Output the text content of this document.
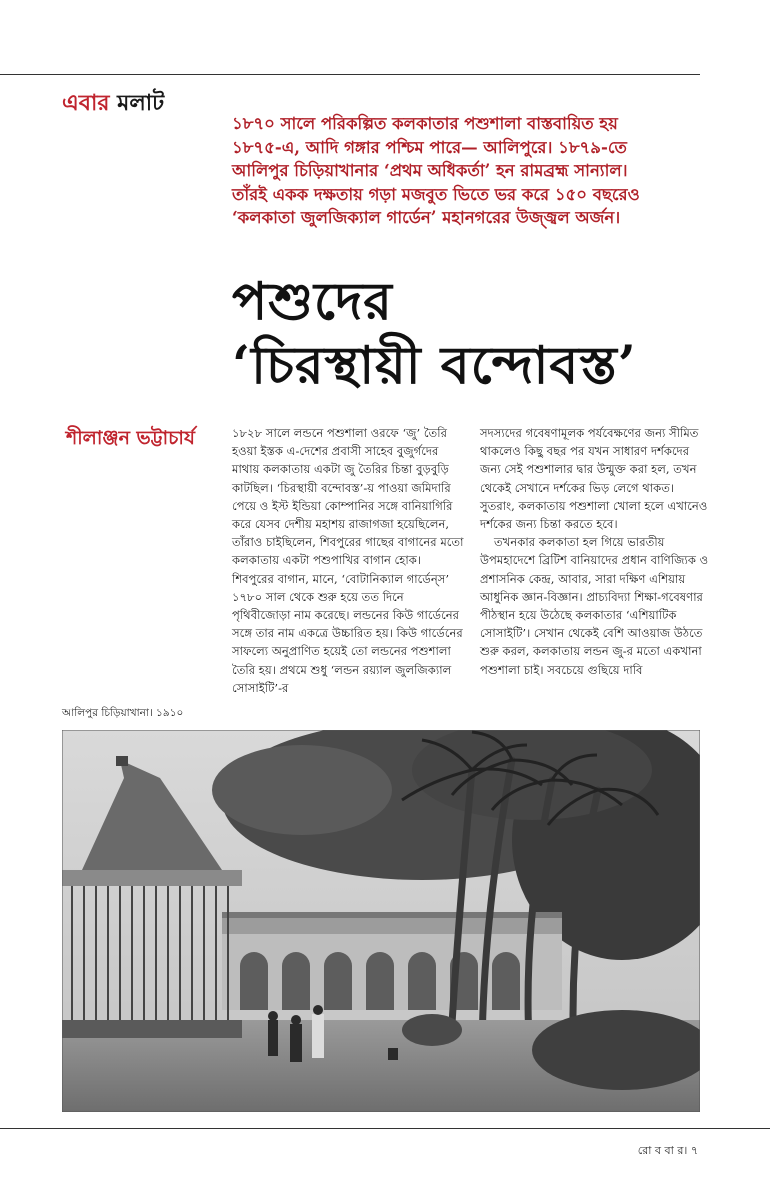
এবার মলাট

১৮৭০ সালে পরিকল্পিত কলকাতার পশুশালা বাস্তবায়িত হয়

১৮৭৫-এ, আদি গঙ্গার পশ্চিম পারে— আলিপুরে। ১৮৭৯-তে

আলিপুর চিড়িয়াখানার ‘প্রথম অধিকর্তা’ হন রামব্রহ্ম সান্যাল।

তাঁরই একক দক্ষতায় গড়া মজবুত ভিতে ভর করে ১৫০ বছরেও

‘কলকাতা জুলজিক্যাল গার্ডেন’ মহানগরের উজ্জ্বল অর্জন।

পশুদের
‘চিরস্থায়ী বন্দোবস্ত’
শীলাঞ্জন ভট্টাচার্য	১৮২৮ সালে লন্ডনে পশুশালা ওরফে ‘জু’ তৈরি হওয়া ইস্তক এ-দেশের প্রবাসী সাহেব বুজুর্গদের মাথায় কলকাতায় একটা জু তৈরির চিন্তা বুড়বুড়ি কাটছিল। ‘চিরস্থায়ী বন্দোবস্ত’-য় পাওয়া জমিদারি পেয়ে ও ইস্ট ইন্ডিয়া কোম্পানির সঙ্গে বানিয়াগিরি করে যেসব দেশীয় মহাশয় রাজাগজা হয়েছিলেন, তাঁরাও চাইছিলেন, শিবপুরের গাছের বাগানের মতো কলকাতায় একটা পশুপাখির বাগান হোক। শিবপুরের বাগান, মানে, ‘বোটানিক্যাল গার্ডেন্‌স’ ১৭৮০ সাল থেকে শুরু হয়ে তত দিনে পৃথিবীজোড়া নাম করেছে। লন্ডনের কিউ গার্ডেনের সঙ্গে তার নাম একত্রে উচ্চারিত হয়। কিউ গার্ডেনের সাফল্যে অনুপ্রাণিত হয়েই তো লন্ডনের পশুশালা তৈরি হয়। প্রথমে শুধু ‘লন্ডন রয়্যাল জুলজিক্যাল সোসাইটি’-র

সদস্যদের গবেষণামূলক পর্যবেক্ষণের জন্য সীমিত থাকলেও কিছু বছর পর যখন সাধারণ দর্শকদের জন্য সেই পশুশালার দ্বার উন্মুক্ত করা হল, তখন থেকেই সেখানে দর্শকের ভিড় লেগে থাকত। সুতরাং, কলকাতায় পশুশালা খোলা হলে এখানেও দর্শকের জন্য চিন্তা করতে হবে।

তখনকার কলকাতা হল গিয়ে ভারতীয় উপমহাদেশে ব্রিটিশ বানিয়াদের প্রধান বাণিজ্যিক ও প্রশাসনিক কেন্দ্র, আবার, সারা দক্ষিণ এশিয়ায় আধুনিক জ্ঞান-বিজ্ঞান। প্রাচ্যবিদ্যা শিক্ষা-গবেষণার পীঠস্থান হয়ে উঠেছে কলকাতার ‘এশিয়াটিক সোসাইটি’। সেখান থেকেই বেশি আওয়াজ উঠতে শুরু করল, কলকাতায় লন্ডন জু-র মতো একখানা পশুশালা চাই। সবচেয়ে গুছিয়ে দাবি

আলিপুর চিড়িয়াখানা। ১৯১০
রো ব বা র। ৭
